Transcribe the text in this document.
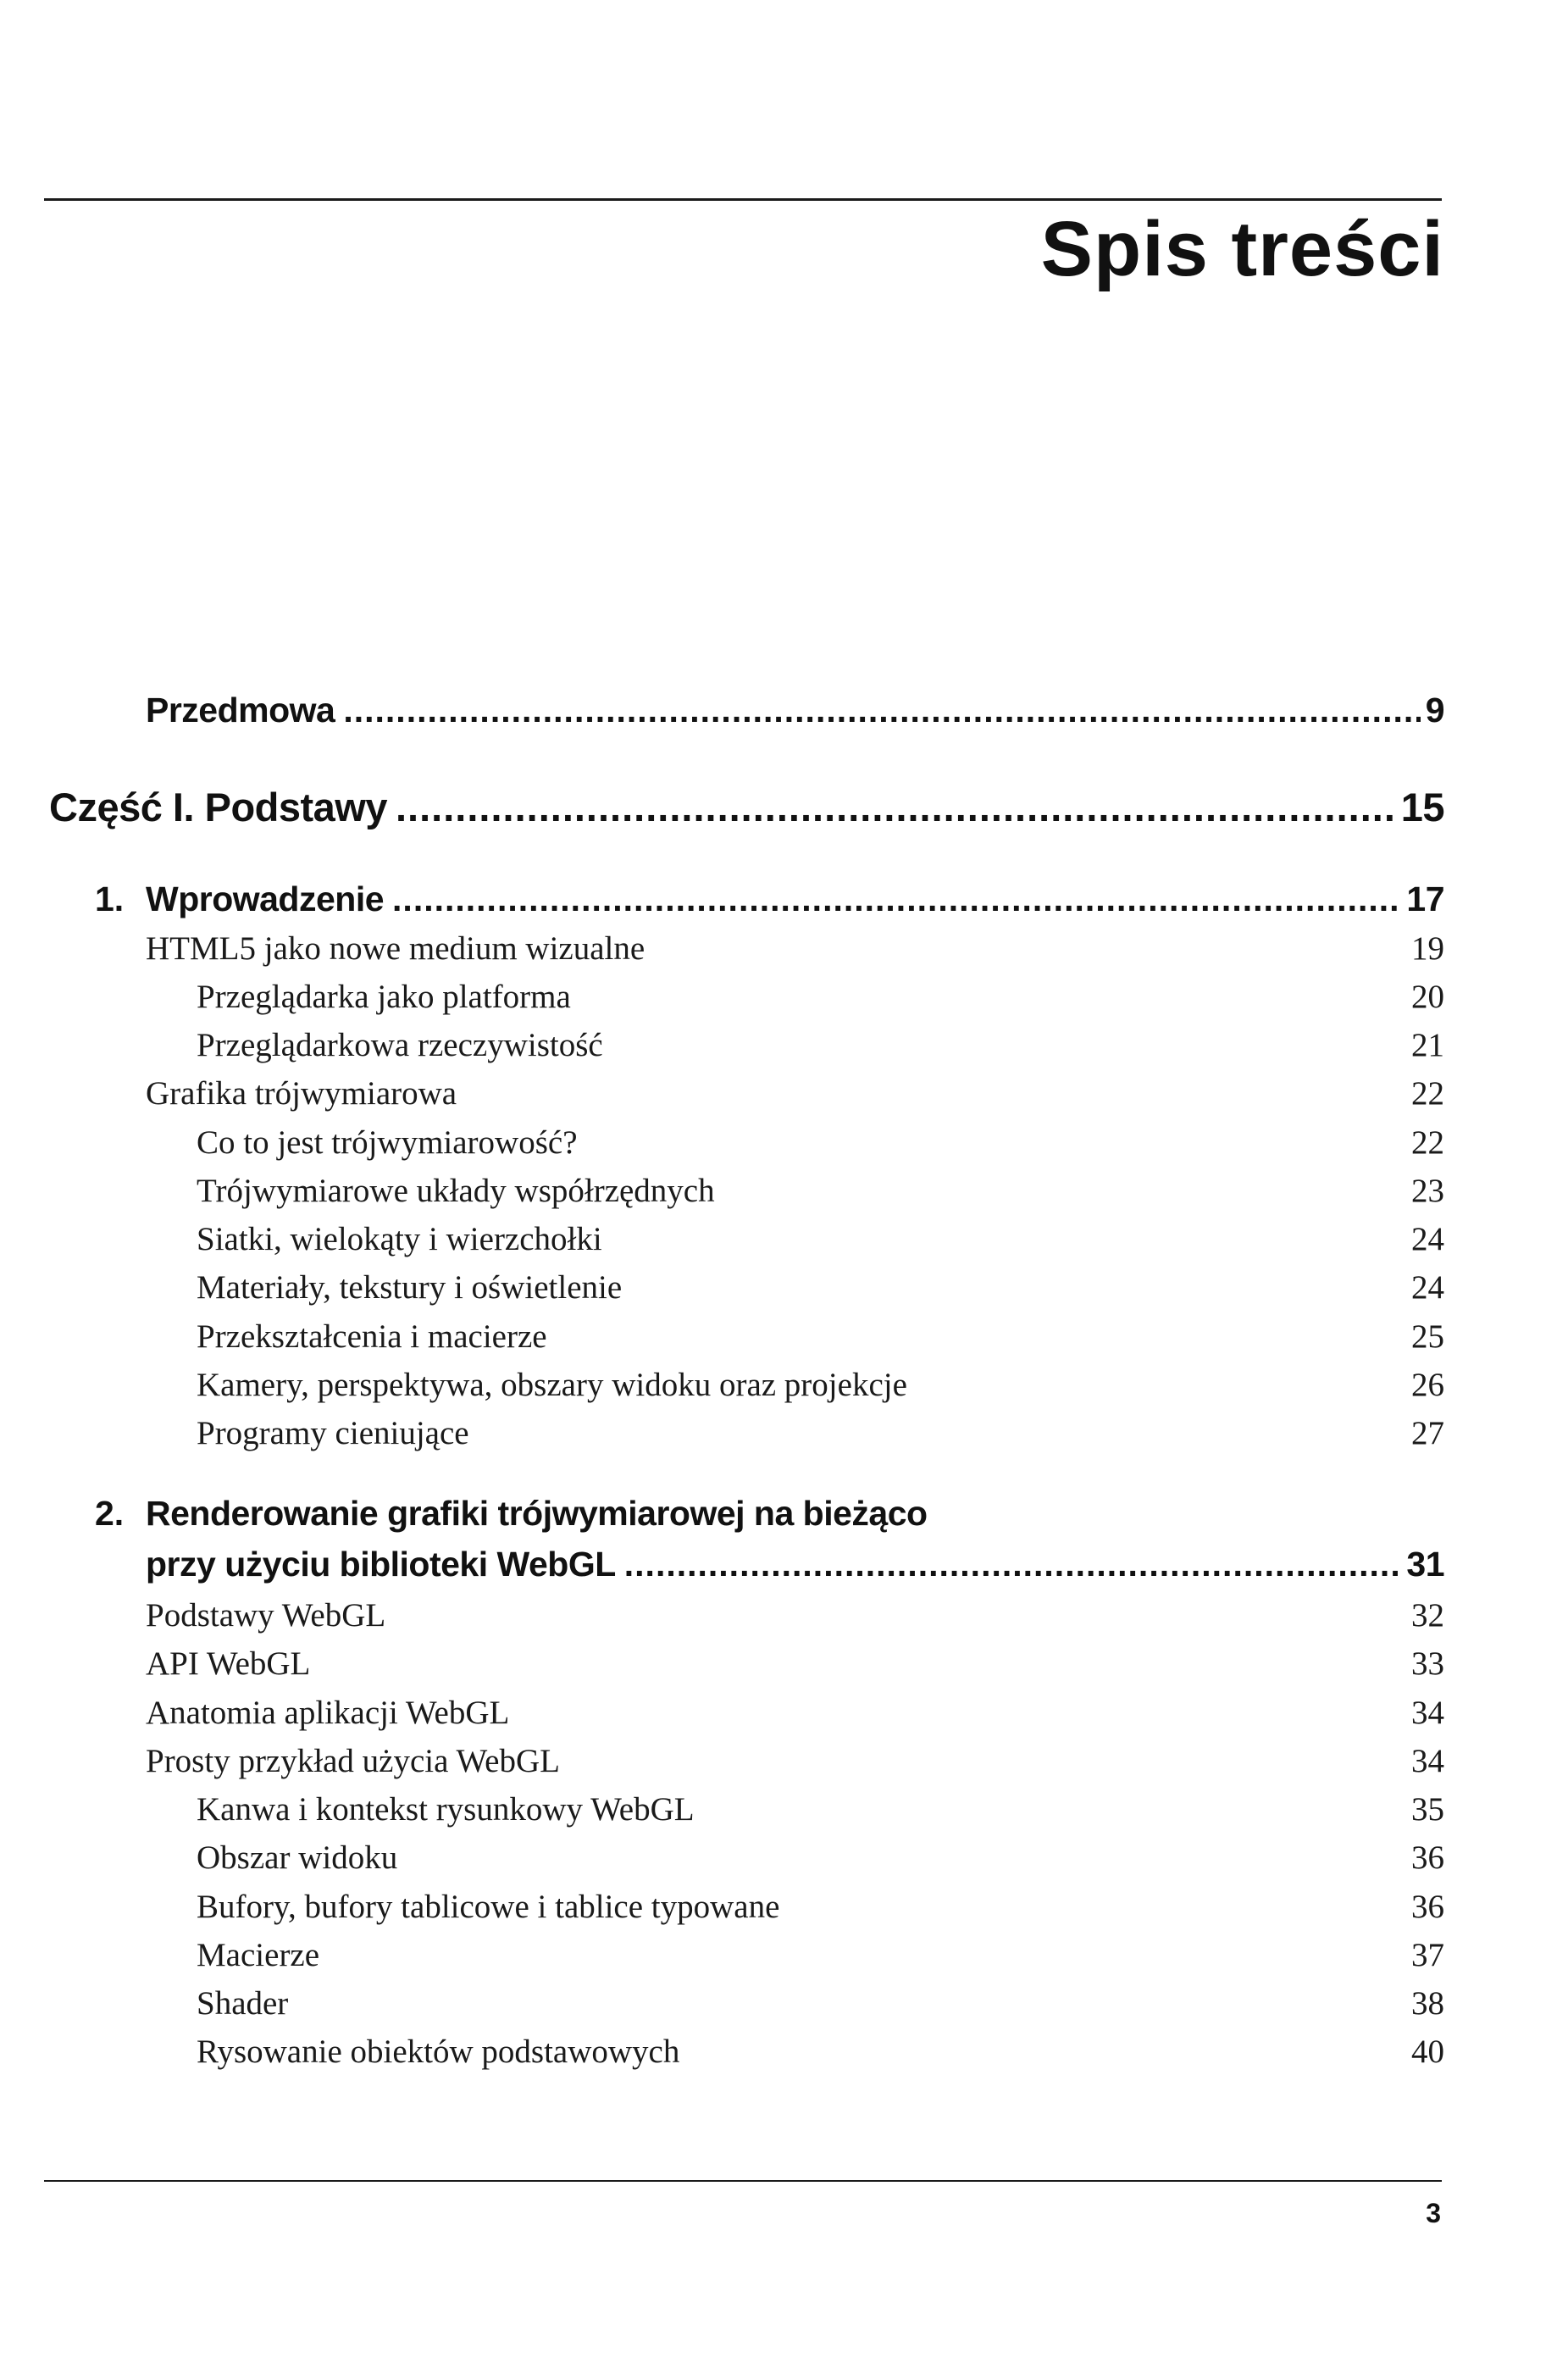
Spis treści
Przedmowa .....	9
Część I. Podstawy .....	15
1. Wprowadzenie .....	17
HTML5 jako nowe medium wizualne	19
Przeglądarka jako platforma	20
Przeglądarkowa rzeczywistość	21
Grafika trójwymiarowa	22
Co to jest trójwymiarowość?	22
Trójwymiarowe układy współrzędnych	23
Siatki, wielokąty i wierzchołki	24
Materiały, tekstury i oświetlenie	24
Przekształcenia i macierze	25
Kamery, perspektywa, obszary widoku oraz projekcje	26
Programy cieniujące	27
2. Renderowanie grafiki trójwymiarowej na bieżąco
przy użyciu biblioteki WebGL .....	31
Podstawy WebGL	32
API WebGL	33
Anatomia aplikacji WebGL	34
Prosty przykład użycia WebGL	34
Kanwa i kontekst rysunkowy WebGL	35
Obszar widoku	36
Bufory, bufory tablicowe i tablice typowane	36
Macierze	37
Shader	38
Rysowanie obiektów podstawowych	40
3
